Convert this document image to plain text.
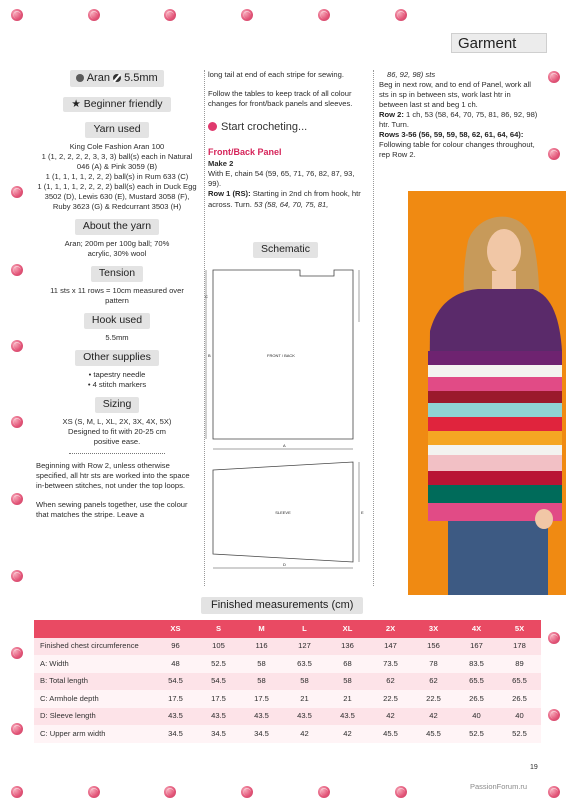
Garment
Aran 5.5mm
★ Beginner friendly
Yarn used

King Cole Fashion Aran 100

1 (1, 2, 2, 2, 2, 3, 3, 3) ball(s) each in Natural 046 (A) & Pink 3059 (B)

1 (1, 1, 1, 1, 2, 2, 2) ball(s) in Rum 633 (C)

1 (1, 1, 1, 1, 2, 2, 2, 2) ball(s) each in Duck Egg 3502 (D), Lewis 630 (E), Mustard 3058 (F), Ruby 3623 (G) & Redcurrant 3503 (H)

About the yarn

Aran; 200m per 100g ball; 70% acrylic, 30% wool

Tension

11 sts x 11 rows = 10cm measured over pattern

Hook used

5.5mm

Other supplies

• tapestry needle

• 4 stitch markers

Sizing

XS (S, M, L, XL, 2X, 3X, 4X, 5X) Designed to fit with 20-25 cm positive ease.

Beginning with Row 2, unless otherwise specified, all htr sts are worked into the space in-between stitches, not under the top loops.

When sewing panels together, use the colour that matches the stripe. Leave a

long tail at end of each stripe for sewing.

Follow the tables to keep track of all colour changes for front/back panels and sleeves.

Start crocheting...

Front/Back Panel

Make 2

With E, chain 54 (59, 65, 71, 76, 82, 87, 93, 99).

Row 1 (RS): Starting in 2nd ch from hook, htr across. Turn. 53 (58, 64, 70, 75, 81,

Schematic
FRONT / BACK
A
B
C
SLEEVE
D
E

86, 92, 98) sts

Beg in next row, and to end of Panel, work all sts in sp in between sts, work last htr in between last st and beg 1 ch.

Row 2: 1 ch, 53 (58, 64, 70, 75, 81, 86, 92, 98) htr. Turn.

Rows 3-56 (56, 59, 59, 58, 62, 61, 64, 64): Following table for colour changes throughout, rep Row 2.

Finished measurements (cm)
	XS	S	M	L	XL	2X	3X	4X	5X
Finished chest circumference	96	105	116	127	136	147	156	167	178
A: Width	48	52.5	58	63.5	68	73.5	78	83.5	89
B: Total length	54.5	54.5	58	58	58	62	62	65.5	65.5
C: Armhole depth	17.5	17.5	17.5	21	21	22.5	22.5	26.5	26.5
D: Sleeve length	43.5	43.5	43.5	43.5	43.5	42	42	40	40
C: Upper arm width	34.5	34.5	34.5	42	42	45.5	45.5	52.5	52.5
19
PassionForum.ru
